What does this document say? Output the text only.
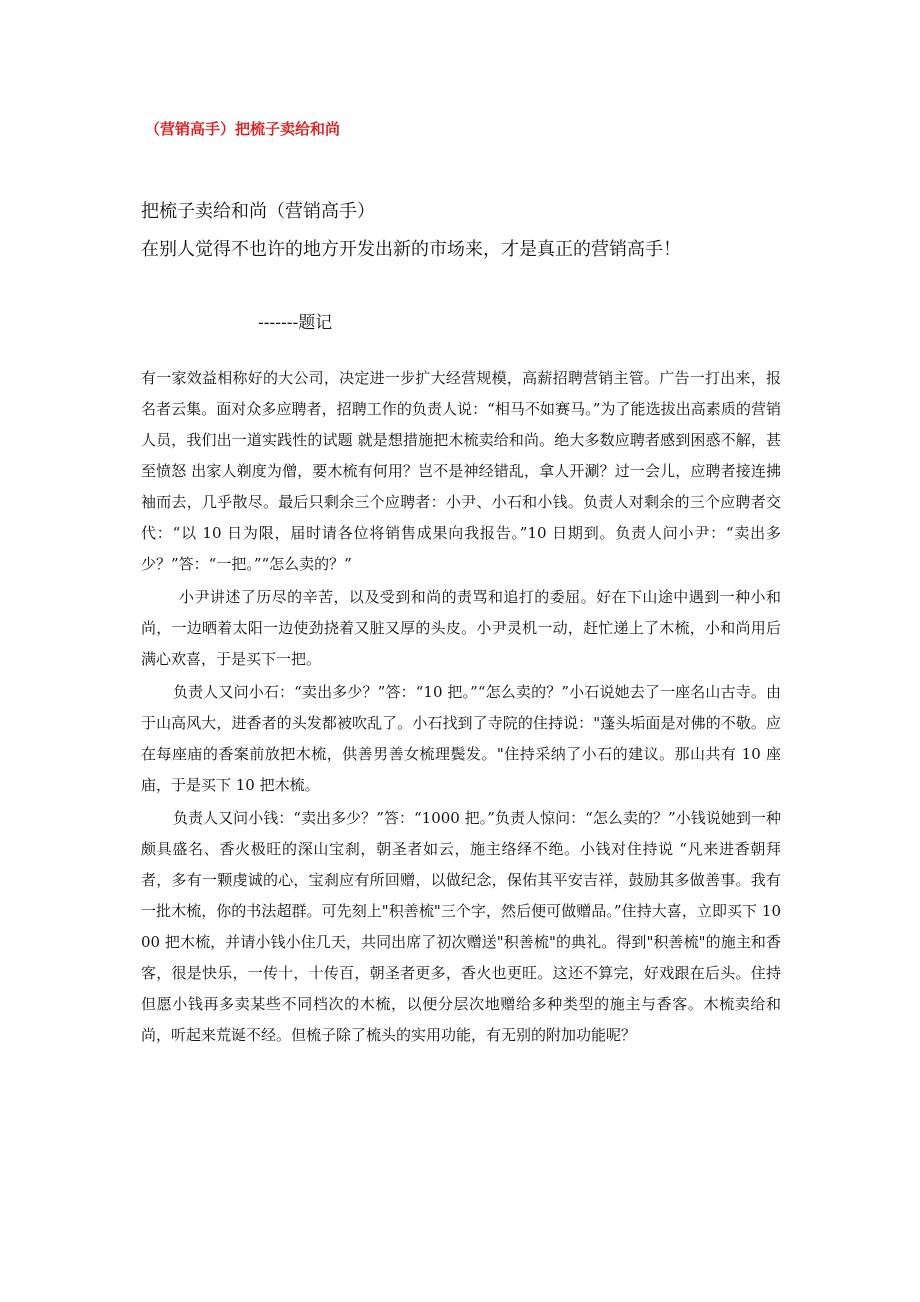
（营销高手）把梳子卖给和尚
把梳子卖给和尚（营销高手）
在别人觉得不也许的地方开发出新的市场来，才是真正的营销高手！
-------题记

有一家效益相称好的大公司，决定进一步扩大经营规模，高薪招聘营销主管。广告一打出来，报名者云集。面对众多应聘者，招聘工作的负责人说：“相马不如赛马。”为了能选拔出高素质的营销人员，我们出一道实践性的试题 就是想措施把木梳卖给和尚。绝大多数应聘者感到困惑不解，甚至愤怒 出家人剃度为僧，要木梳有何用？岂不是神经错乱，拿人开涮？过一会儿，应聘者接连拂袖而去，几乎散尽。最后只剩余三个应聘者：小尹、小石和小钱。负责人对剩余的三个应聘者交代：“以 10 日为限，届时请各位将销售成果向我报告。”10 日期到。负责人问小尹：“卖出多少？”答：“一把。”“怎么卖的？”

小尹讲述了历尽的辛苦，以及受到和尚的责骂和追打的委屈。好在下山途中遇到一种小和尚，一边晒着太阳一边使劲挠着又脏又厚的头皮。小尹灵机一动，赶忙递上了木梳，小和尚用后满心欢喜，于是买下一把。

负责人又问小石：“卖出多少？”答：“10 把。”“怎么卖的？”小石说她去了一座名山古寺。由于山高风大，进香者的头发都被吹乱了。小石找到了寺院的住持说："蓬头垢面是对佛的不敬。应在每座庙的香案前放把木梳，供善男善女梳理鬓发。"住持采纳了小石的建议。那山共有 10 座庙，于是买下 10 把木梳。

负责人又问小钱：“卖出多少？”答：“1000 把。”负责人惊问：“怎么卖的？”小钱说她到一种颇具盛名、香火极旺的深山宝刹，朝圣者如云，施主络绎不绝。小钱对住持说 “凡来进香朝拜者，多有一颗虔诚的心，宝刹应有所回赠，以做纪念，保佑其平安吉祥，鼓励其多做善事。我有一批木梳，你的书法超群。可先刻上"积善梳"三个字，然后便可做赠品。”住持大喜，立即买下 1000 把木梳，并请小钱小住几天，共同出席了初次赠送"积善梳"的典礼。得到"积善梳"的施主和香客，很是快乐，一传十，十传百，朝圣者更多，香火也更旺。这还不算完，好戏跟在后头。住持但愿小钱再多卖某些不同档次的木梳，以便分层次地赠给多种类型的施主与香客。木梳卖给和尚，听起来荒诞不经。但梳子除了梳头的实用功能，有无别的附加功能呢？
